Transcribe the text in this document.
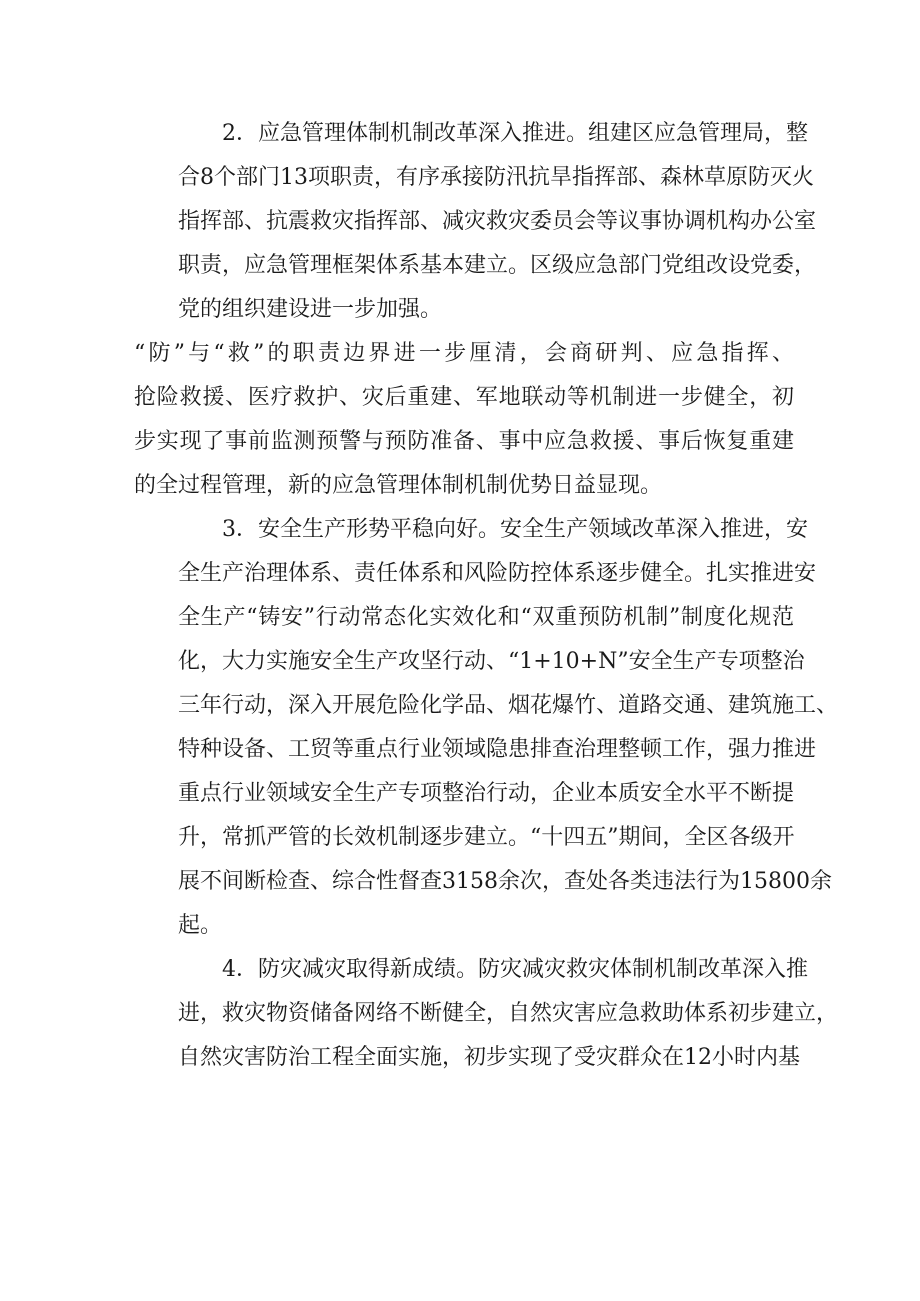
2．应急管理体制机制改革深入推进。组建区应急管理局，整
合8个部门13项职责，有序承接防汛抗旱指挥部、森林草原防灭火
指挥部、抗震救灾指挥部、减灾救灾委员会等议事协调机构办公室
职责，应急管理框架体系基本建立。区级应急部门党组改设党委，
党的组织建设进一步加强。
“防”与“救”的职责边界进一步厘清，会商研判、应急指挥、
抢险救援、医疗救护、灾后重建、军地联动等机制进一步健全，初
步实现了事前监测预警与预防准备、事中应急救援、事后恢复重建
的全过程管理，新的应急管理体制机制优势日益显现。
3．安全生产形势平稳向好。安全生产领域改革深入推进，安
全生产治理体系、责任体系和风险防控体系逐步健全。扎实推进安
全生产“铸安”行动常态化实效化和“双重预防机制”制度化规范
化，大力实施安全生产攻坚行动、“1+10+N”安全生产专项整治
三年行动，深入开展危险化学品、烟花爆竹、道路交通、建筑施工、
特种设备、工贸等重点行业领域隐患排查治理整顿工作，强力推进
重点行业领域安全生产专项整治行动，企业本质安全水平不断提
升，常抓严管的长效机制逐步建立。“十四五”期间，全区各级开
展不间断检查、综合性督查3158余次，查处各类违法行为15800余
起。
4．防灾减灾取得新成绩。防灾减灾救灾体制机制改革深入推
进，救灾物资储备网络不断健全，自然灾害应急救助体系初步建立，
自然灾害防治工程全面实施，初步实现了受灾群众在12小时内基
